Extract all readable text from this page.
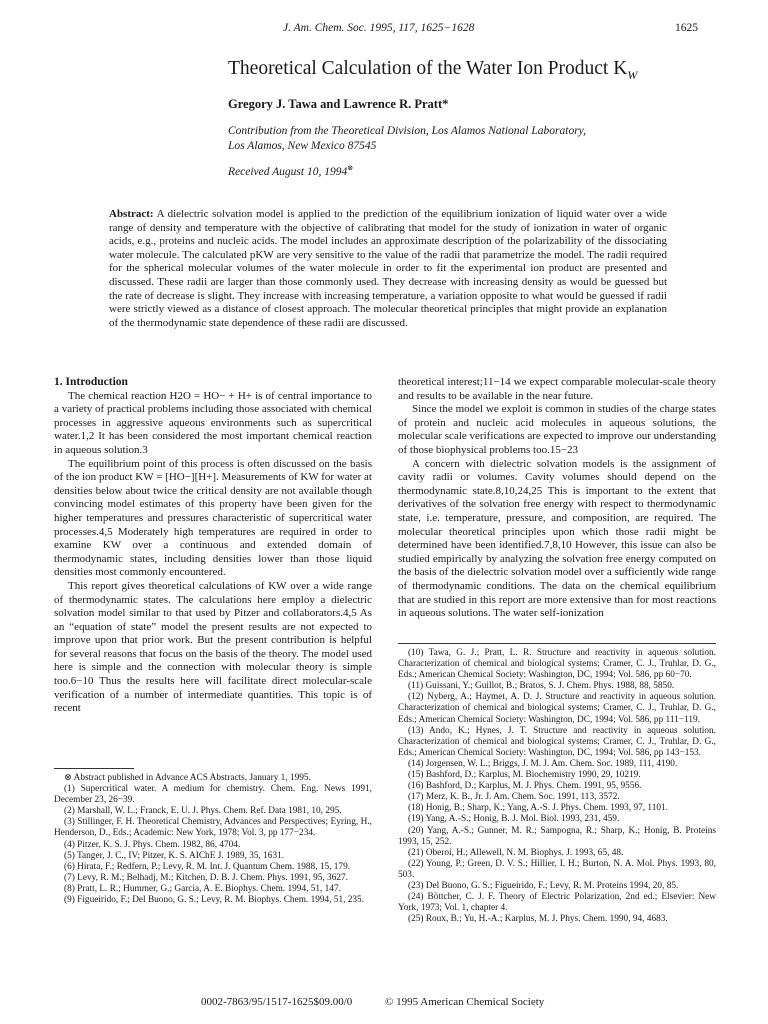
J. Am. Chem. Soc. 1995, 117, 1625−1628	1625
Theoretical Calculation of the Water Ion Product $K_W$
Gregory J. Tawa and Lawrence R. Pratt*
Contribution from the Theoretical Division, Los Alamos National Laboratory,
Los Alamos, New Mexico 87545
Received August 10, 1994⊗
Abstract: A dielectric solvation model is applied to the prediction of the equilibrium ionization of liquid water over a wide range of density and temperature with the objective of calibrating that model for the study of ionization in water of organic acids, e.g., proteins and nucleic acids. The model includes an approximate description of the polarizability of the dissociating water molecule. The calculated pKW are very sensitive to the value of the radii that parametrize the model. The radii required for the spherical molecular volumes of the water molecule in order to fit the experimental ion product are presented and discussed. These radii are larger than those commonly used. They decrease with increasing density as would be guessed but the rate of decrease is slight. They increase with increasing temperature, a variation opposite to what would be guessed if radii were strictly viewed as a distance of closest approach. The molecular theoretical principles that might provide an explanation of the thermodynamic state dependence of these radii are discussed.

1. Introduction

The chemical reaction H2O = HO− + H+ is of central importance to a variety of practical problems including those associated with chemical processes in aggressive aqueous environments such as supercritical water.1,2 It has been considered the most important chemical reaction in aqueous solution.3

The equilibrium point of this process is often discussed on the basis of the ion product KW = [HO−][H+]. Measurements of KW for water at densities below about twice the critical density are not available though convincing model estimates of this property have been given for the higher temperatures and pressures characteristic of supercritical water processes.4,5 Moderately high temperatures are required in order to examine KW over a continuous and extended domain of thermodynamic states, including densities lower than those liquid densities most commonly encountered.

This report gives theoretical calculations of KW over a wide range of thermodynamic states. The calculations here employ a dielectric solvation model similar to that used by Pitzer and collaborators.4,5 As an “equation of state” model the present results are not expected to improve upon that prior work. But the present contribution is helpful for several reasons that focus on the basis of the theory. The model used here is simple and the connection with molecular theory is simple too.6−10 Thus the results here will facilitate direct molecular-scale verification of a number of intermediate quantities. This topic is of recent

⊗ Abstract published in Advance ACS Abstracts, January 1, 1995.
(1) Supercritical water. A medium for chemistry. Chem. Eng. News 1991, December 23, 26−39.
(2) Marshall, W. L.; Franck, E. U. J. Phys. Chem. Ref. Data 1981, 10, 295.
(3) Stillinger, F. H. Theoretical Chemistry, Advances and Perspectives; Eyring, H., Henderson, D., Eds.; Academic: New York, 1978; Vol. 3, pp 177−234.
(4) Pitzer, K. S. J. Phys. Chem. 1982, 86, 4704.
(5) Tanger, J. C., IV; Pitzer, K. S. AIChE J. 1989, 35, 1631.
(6) Hirata, F.; Redfern, P.; Levy, R. M. Int. J. Quantum Chem. 1988, 15, 179.
(7) Levy, R. M.; Belhadj, M.; Kitchen, D. B. J. Chem. Phys. 1991, 95, 3627.
(8) Pratt, L. R.; Hummer, G.; Garcia, A. E. Biophys. Chem. 1994, 51, 147.
(9) Figueirido, F.; Del Buono, G. S.; Levy, R. M. Biophys. Chem. 1994, 51, 235.

theoretical interest;11−14 we expect comparable molecular-scale theory and results to be available in the near future.

Since the model we exploit is common in studies of the charge states of protein and nucleic acid molecules in aqueous solutions, the molecular scale verifications are expected to improve our understanding of those biophysical problems too.15−23

A concern with dielectric solvation models is the assignment of cavity radii or volumes. Cavity volumes should depend on the thermodynamic state.8,10,24,25 This is important to the extent that derivatives of the solvation free energy with respect to thermodynamic state, i.e. temperature, pressure, and composition, are required. The molecular theoretical principles upon which those radii might be determined have been identified.7,8,10 However, this issue can also be studied empirically by analyzing the solvation free energy computed on the basis of the dielectric solvation model over a sufficiently wide range of thermodynamic conditions. The data on the chemical equilibrium that are studied in this report are more extensive than for most reactions in aqueous solutions. The water self-ionization

(10) Tawa, G. J.; Pratt, L. R. Structure and reactivity in aqueous solution. Characterization of chemical and biological systems; Cramer, C. J., Truhlar, D. G., Eds.; American Chemical Society: Washington, DC, 1994; Vol. 586, pp 60−70.
(11) Guissani, Y.; Guillot, B.; Bratos, S. J. Chem. Phys. 1988, 88, 5850.
(12) Nyberg, A.; Haymet, A. D. J. Structure and reactivity in aqueous solution. Characterization of chemical and biological systems; Cramer, C. J., Truhlar, D. G., Eds.; American Chemical Society: Washington, DC, 1994; Vol. 586, pp 111−119.
(13) Ando, K.; Hynes, J. T. Structure and reactivity in aqueous solution. Characterization of chemical and biological systems; Cramer, C. J., Truhlar, D. G., Eds.; American Chemical Society: Washington, DC, 1994; Vol. 586, pp 143−153.
(14) Jorgensen, W. L.; Briggs, J. M. J. Am. Chem. Soc. 1989, 111, 4190.
(15) Bashford, D.; Karplus, M. Biochemistry 1990, 29, 10219.
(16) Bashford, D.; Karplus, M. J. Phys. Chem. 1991, 95, 9556.
(17) Merz, K. B., Jr. J. Am. Chem. Soc. 1991, 113, 3572.
(18) Honig, B.; Sharp, K.; Yang, A.-S. J. Phys. Chem. 1993, 97, 1101.
(19) Yang, A.-S.; Honig, B. J. Mol. Biol. 1993, 231, 459.
(20) Yang, A.-S.; Gunner, M. R.; Sampogna, R.; Sharp, K.; Honig, B. Proteins 1993, 15, 252.
(21) Oberoi, H.; Allewell, N. M. Biophys. J. 1993, 65, 48.
(22) Young, P.; Green, D. V. S.; Hillier, I. H.; Burton, N. A. Mol. Phys. 1993, 80, 503.
(23) Del Buono, G. S.; Figueirido, F.; Levy, R. M. Proteins 1994, 20, 85.
(24) Böttcher, C. J. F. Theory of Electric Polarization, 2nd ed.; Elsevier: New York, 1973; Vol. 1, chapter 4.
(25) Roux, B.; Yu, H.-A.; Karplus, M. J. Phys. Chem. 1990, 94, 4683.
0002-7863/95/1517-1625$09.00/0	© 1995 American Chemical Society
